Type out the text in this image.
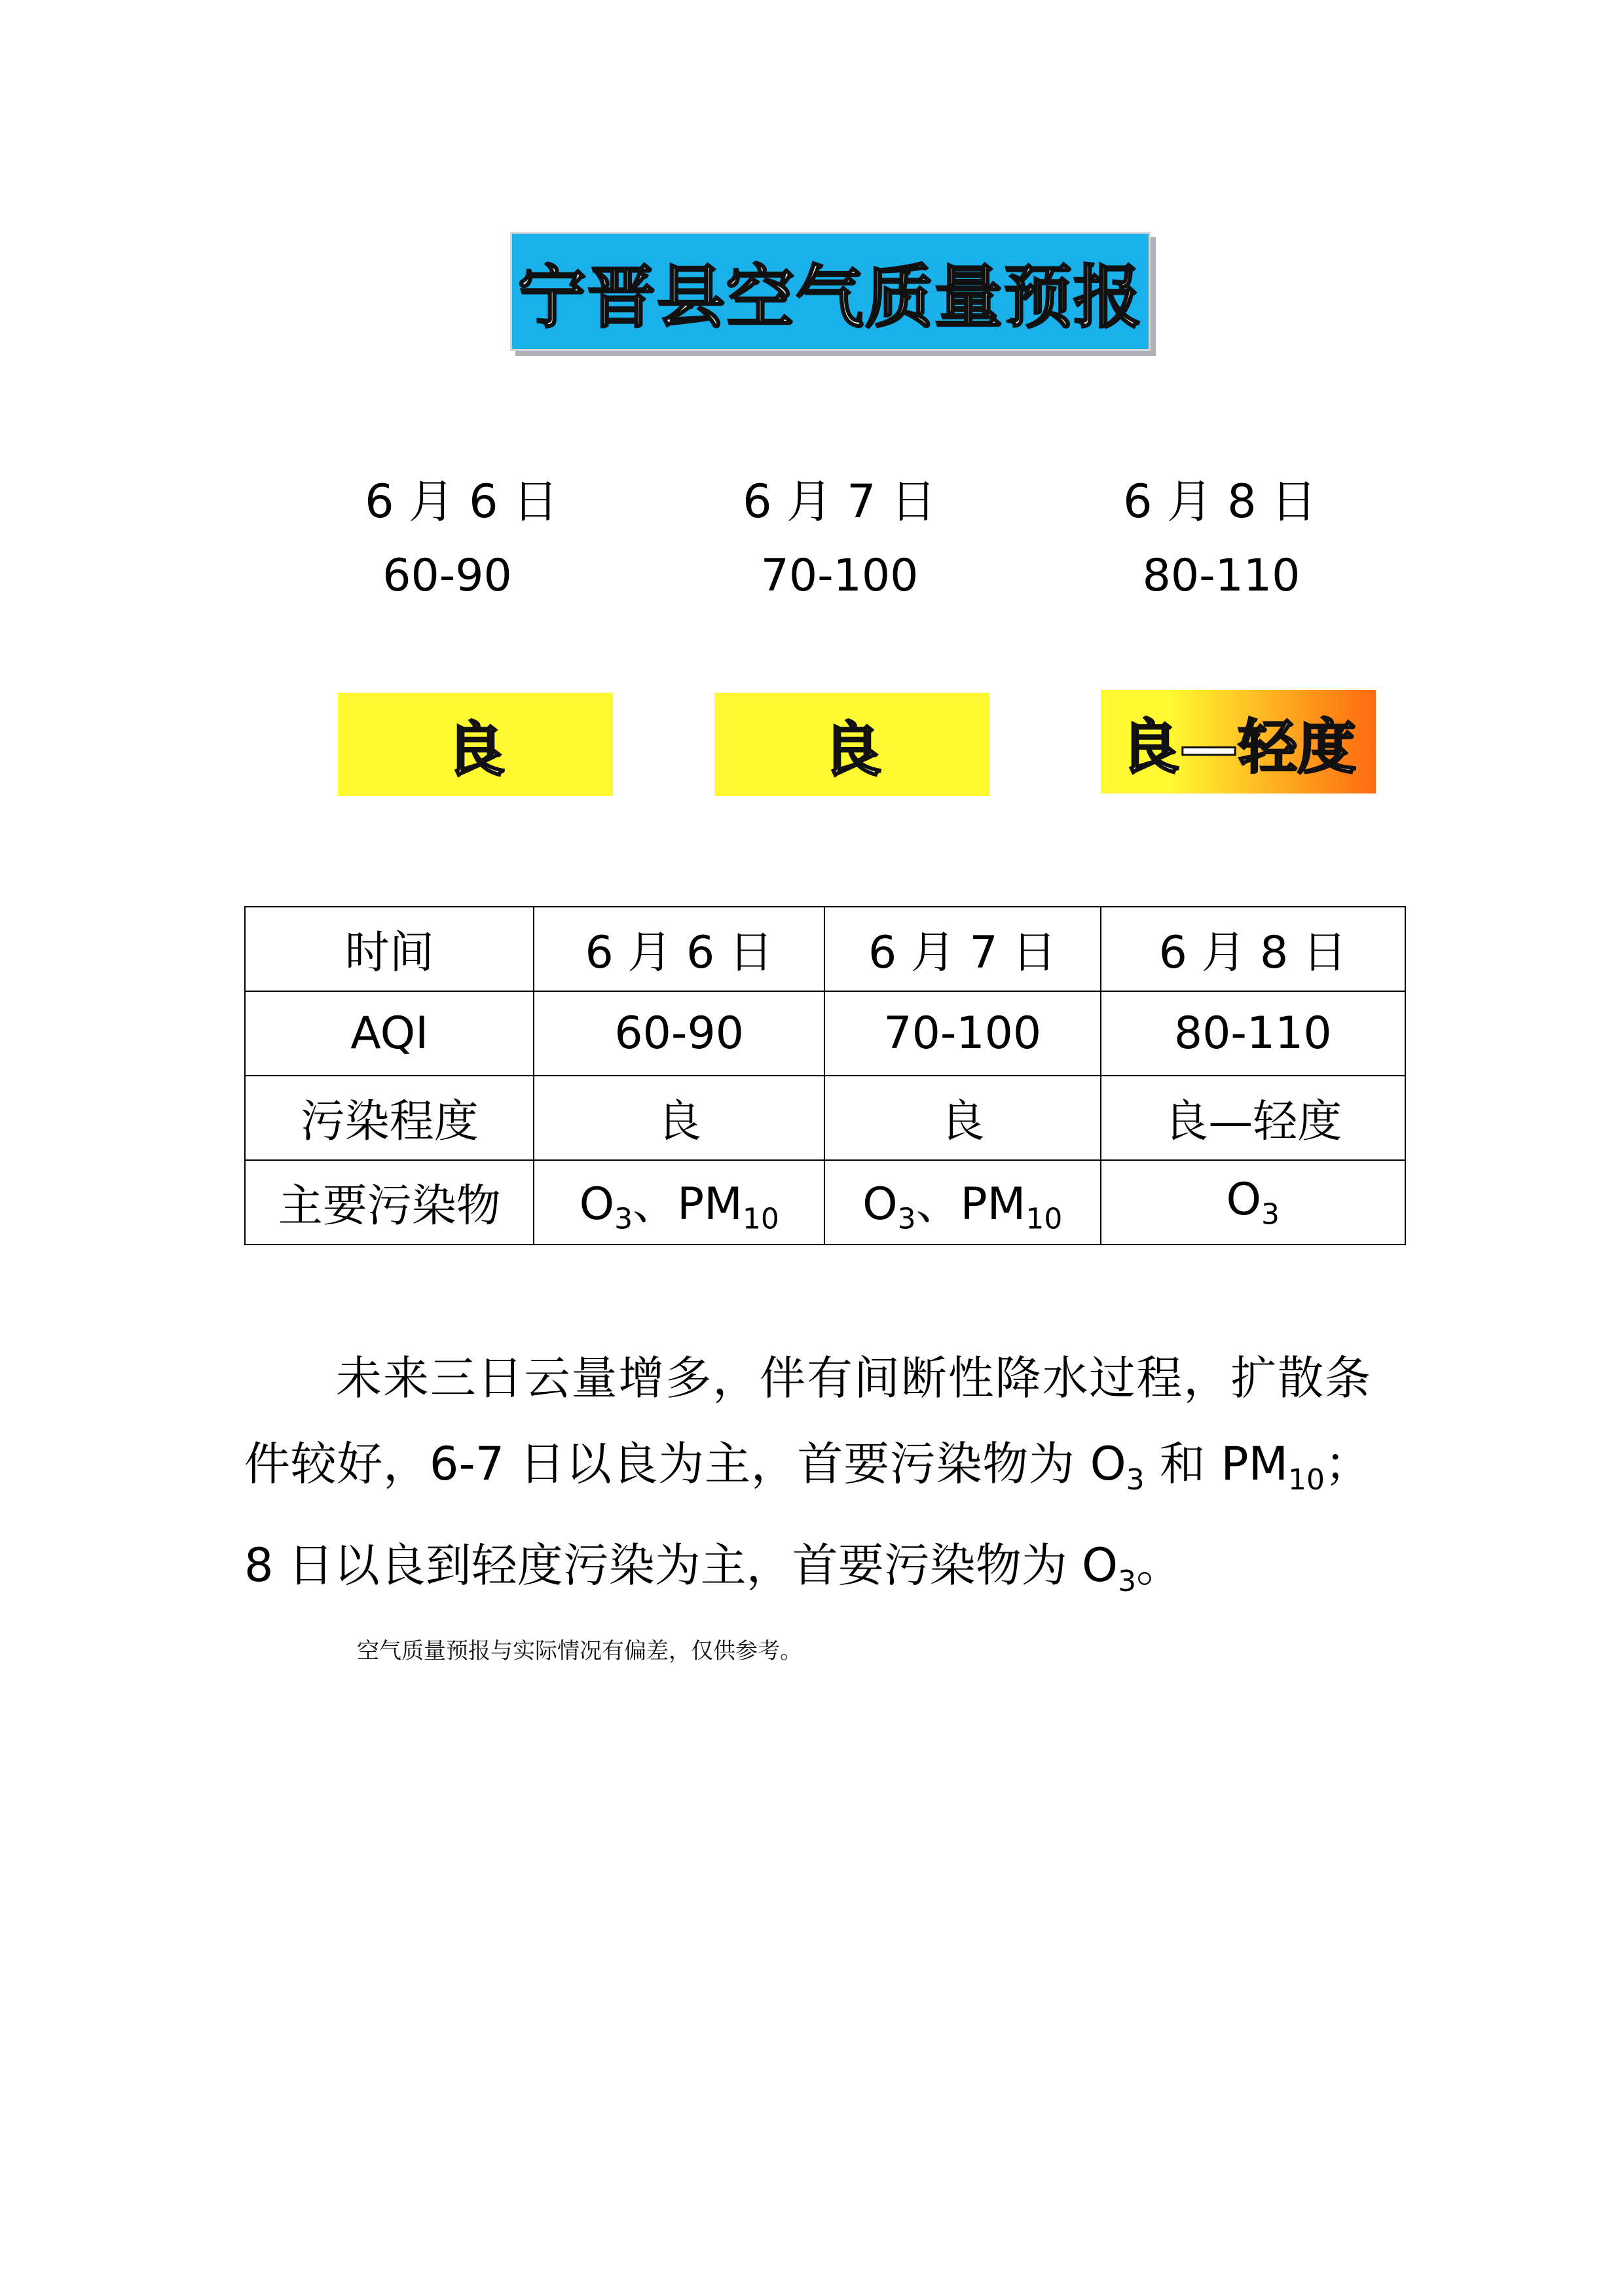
宁晋县空气质量预报
6 月 6 日	6 月 7 日	6 月 8 日
60-90	70-100	80-110
良	良	良—轻度
时间	6 月 6 日	6 月 7 日	6 月 8 日
AQI	60-90	70-100	80-110
污染程度	良	良	良—轻度
主要污染物	$O_3$、$PM_{10}$	$O_3$、$PM_{10}$	$O_3$

未来三日云量增多，伴有间断性降水过程，扩散条件较好，6-7 日以良为主，首要污染物为 $O_3$ 和 $PM_{10}$；8 日以良到轻度污染为主，首要污染物为 $O_3$。

空气质量预报与实际情况有偏差，仅供参考。
